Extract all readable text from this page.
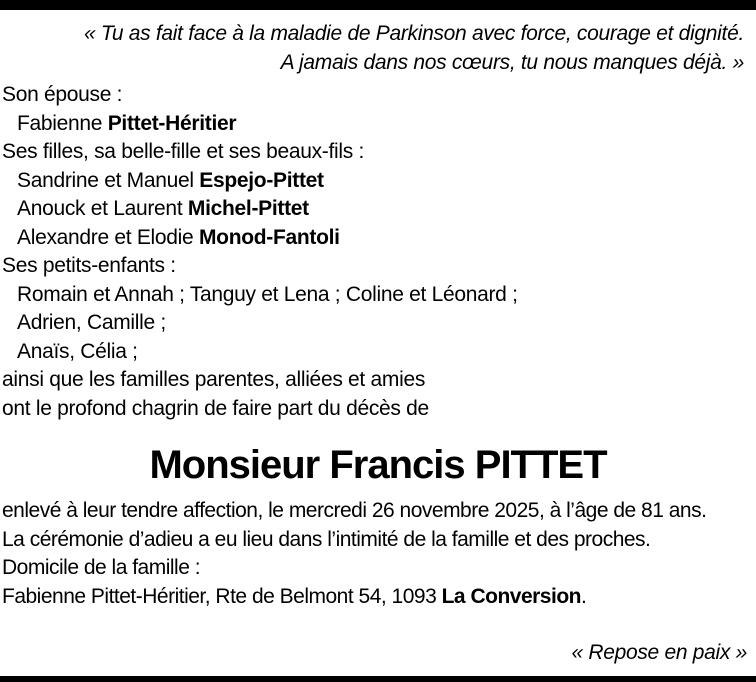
« Tu as fait face à la maladie de Parkinson avec force, courage et dignité.
A jamais dans nos cœurs, tu nous manques déjà. »
Son épouse :
Fabienne Pittet-Héritier
Ses filles, sa belle-fille et ses beaux-fils :
Sandrine et Manuel Espejo-Pittet
Anouck et Laurent Michel-Pittet
Alexandre et Elodie Monod-Fantoli
Ses petits-enfants :
Romain et Annah ; Tanguy et Lena ; Coline et Léonard ;
Adrien, Camille ;
Anaïs, Célia ;
ainsi que les familles parentes, alliées et amies
ont le profond chagrin de faire part du décès de
Monsieur Francis PITTET
enlevé à leur tendre affection, le mercredi 26 novembre 2025, à l’âge de 81 ans.
La cérémonie d’adieu a eu lieu dans l’intimité de la famille et des proches.
Domicile de la famille :
Fabienne Pittet-Héritier, Rte de Belmont 54, 1093 La Conversion.
« Repose en paix »
